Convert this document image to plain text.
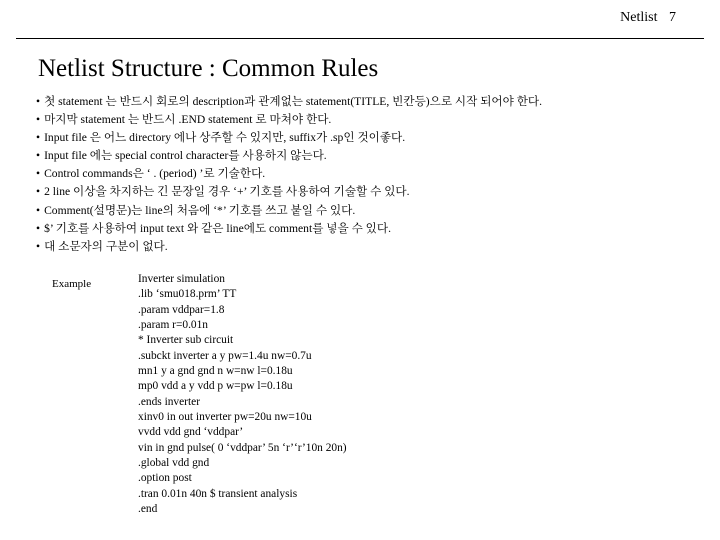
Netlist 7
Netlist Structure : Common Rules
• 첫 statement 는 반드시 회로의 description과 관계없는 statement(TITLE, 빈칸등)으로 시작 되어야 한다.
• 마지막 statement 는 반드시 .END statement 로 마쳐야 한다.
• Input file 은 어느 directory 에나 상주할 수 있지만, suffix가 .sp인 것이좋다.
• Input file 에는 special control character를 사용하지 않는다.
• Control commands은 ‘ . (period) ’로 기술한다.
• 2 line 이상을 차지하는 긴 문장일 경우 ‘+’ 기호를 사용하여 기술할 수 있다.
• Comment(설명문)는 line의 처음에 ‘*’ 기호를 쓰고 붙일 수 있다.
• $’ 기호를 사용하여 input text 와 같은 line에도 comment를 넣을 수 있다.
• 대 소문자의 구분이 없다.
Example	Inverter simulation
.lib ‘smu018.prm’ TT
.param vddpar=1.8
.param r=0.01n
* Inverter sub circuit
.subckt inverter a y pw=1.4u nw=0.7u
mn1 y a gnd gnd n w=nw l=0.18u
mp0 vdd a y vdd p w=pw l=0.18u
.ends inverter
xinv0 in out inverter pw=20u nw=10u
vvdd vdd gnd ‘vddpar’
vin in gnd pulse( 0 ‘vddpar’ 5n ‘r’‘r’10n 20n)
.global vdd gnd
.option post
.tran 0.01n 40n $ transient analysis
.end
